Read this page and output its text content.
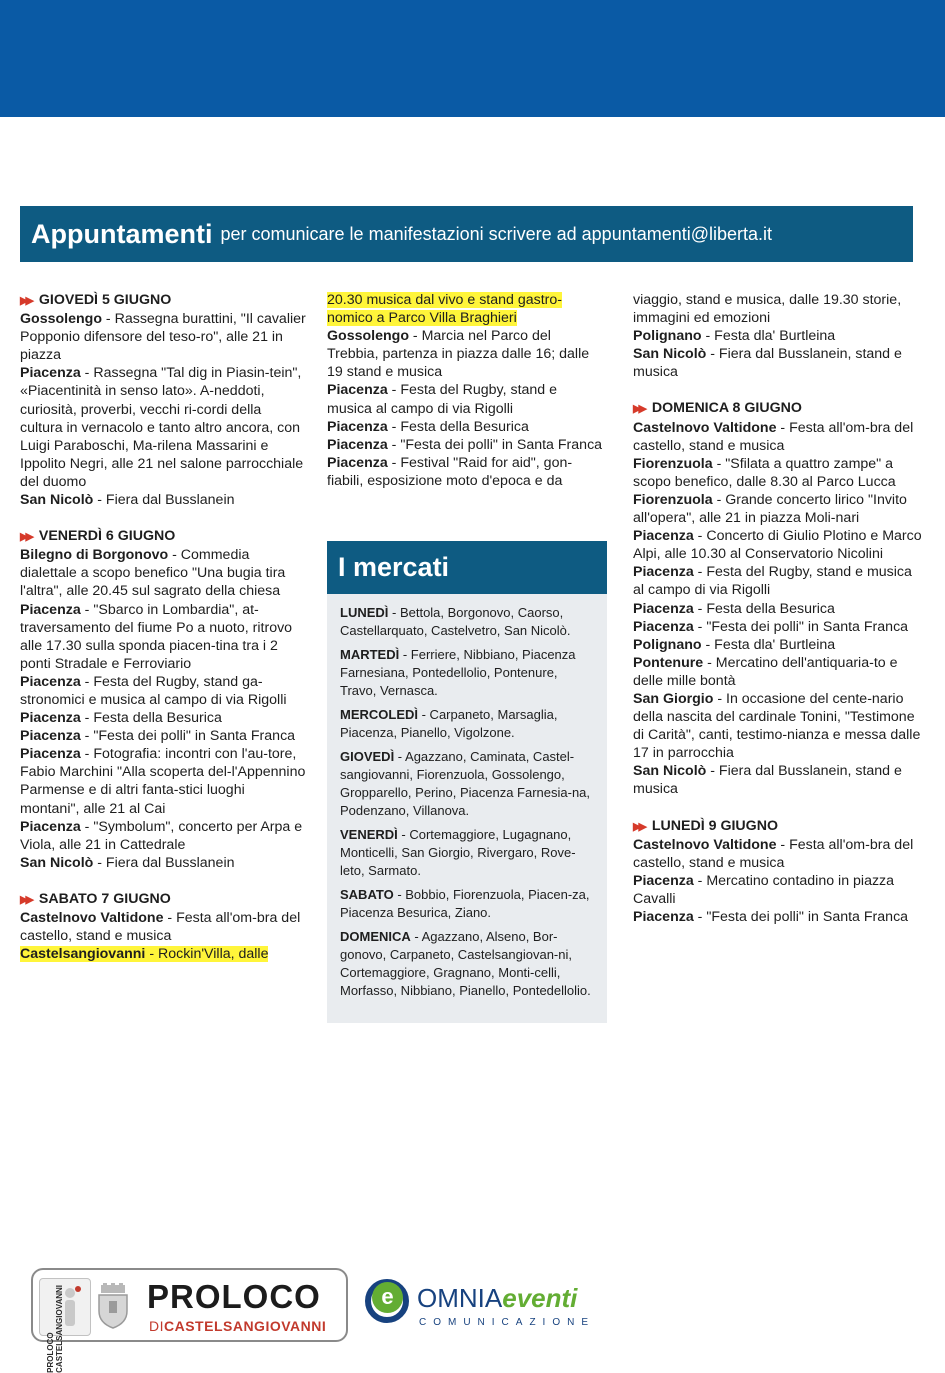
Appuntamenti per comunicare le manifestazioni scrivere ad appuntamenti@liberta.it
▶▶ GIOVEDÌ 5 GIUGNO
Gossolengo - Rassegna burattini, "Il cavalier Popponio difensore del teso-ro", alle 21 in piazza
Piacenza - Rassegna "Tal dig in Piasin-tein", «Piacentinità in senso lato». A-neddoti, curiosità, proverbi, vecchi ri-cordi della cultura in vernacolo e tanto altro ancora, con Luigi Paraboschi, Ma-rilena Massarini e Ippolito Negri, alle 21 nel salone parrocchiale del duomo
San Nicolò - Fiera dal Busslanein
▶▶ VENERDÌ 6 GIUGNO
Bilegno di Borgonovo - Commedia dialettale a scopo benefico "Una bugia tira l'altra", alle 20.45 sul sagrato della chiesa
Piacenza - "Sbarco in Lombardia", at-traversamento del fiume Po a nuoto, ritrovo alle 17.30 sulla sponda piacen-tina tra i 2 ponti Stradale e Ferroviario
Piacenza - Festa del Rugby, stand ga-stronomici e musica al campo di via Rigolli
Piacenza - Festa della Besurica
Piacenza - "Festa dei polli" in Santa Franca
Piacenza - Fotografia: incontri con l'au-tore, Fabio Marchini "Alla scoperta del-l'Appennino Parmense e di altri fanta-stici luoghi montani", alle 21 al Cai
Piacenza - "Symbolum", concerto per Arpa e Viola, alle 21 in Cattedrale
San Nicolò - Fiera dal Busslanein
▶▶ SABATO 7 GIUGNO
Castelnovo Valtidone - Festa all'om-bra del castello, stand e musica
Castelsangiovanni - Rockin'Villa, dalle
20.30 musica dal vivo e stand gastro-nomico a Parco Villa Braghieri
Gossolengo - Marcia nel Parco del Trebbia, partenza in piazza dalle 16; dalle 19 stand e musica
Piacenza - Festa del Rugby, stand e musica al campo di via Rigolli
Piacenza - Festa della Besurica
Piacenza - "Festa dei polli" in Santa Franca
Piacenza - Festival "Raid for aid", gon-fiabili, esposizione moto d'epoca e da
I mercati
LUNEDÌ - Bettola, Borgonovo, Caorso, Castellarquato, Castelvetro, San Nicolò.
MARTEDÌ - Ferriere, Nibbiano, Piacenza Farnesiana, Pontedellolio, Pontenure, Travo, Vernasca.
MERCOLEDÌ - Carpaneto, Marsaglia, Piacenza, Pianello, Vigolzone.
GIOVEDÌ - Agazzano, Caminata, Castel-sangiovanni, Fiorenzuola, Gossolengo, Gropparello, Perino, Piacenza Farnesia-na, Podenzano, Villanova.
VENERDÌ - Cortemaggiore, Lugagnano, Monticelli, San Giorgio, Rivergaro, Rove-leto, Sarmato.
SABATO - Bobbio, Fiorenzuola, Piacen-za, Piacenza Besurica, Ziano.
DOMENICA - Agazzano, Alseno, Bor-gonovo, Carpaneto, Castelsangiovan-ni, Cortemaggiore, Gragnano, Monti-celli, Morfasso, Nibbiano, Pianello, Pontedellolio.
viaggio, stand e musica, dalle 19.30 storie, immagini ed emozioni
Polignano - Festa dla' Burtleina
San Nicolò - Fiera dal Busslanein, stand e musica
▶▶ DOMENICA 8 GIUGNO
Castelnovo Valtidone - Festa all'om-bra del castello, stand e musica
Fiorenzuola - "Sfilata a quattro zampe" a scopo benefico, dalle 8.30 al Parco Lucca
Fiorenzuola - Grande concerto lirico "Invito all'opera", alle 21 in piazza Moli-nari
Piacenza - Concerto di Giulio Plotino e Marco Alpi, alle 10.30 al Conservatorio Nicolini
Piacenza - Festa del Rugby, stand e musica al campo di via Rigolli
Piacenza - Festa della Besurica
Piacenza - "Festa dei polli" in Santa Franca
Polignano - Festa dla' Burtleina
Pontenure - Mercatino dell'antiquaria-to e delle mille bontà
San Giorgio - In occasione del cente-nario della nascita del cardinale Tonini, "Testimone di Carità", canti, testimo-nianza e messa dalle 17 in parrocchia
San Nicolò - Fiera dal Busslanein, stand e musica
▶▶ LUNEDÌ 9 GIUGNO
Castelnovo Valtidone - Festa all'om-bra del castello, stand e musica
Piacenza - Mercatino contadino in piazza Cavalli
Piacenza - "Festa dei polli" in Santa Franca
PROLOCO CASTELSANGIOVANNI	PROLOCO
DICASTELSANGIOVANNI
e OMNIAeventi
COMUNICAZIONE
